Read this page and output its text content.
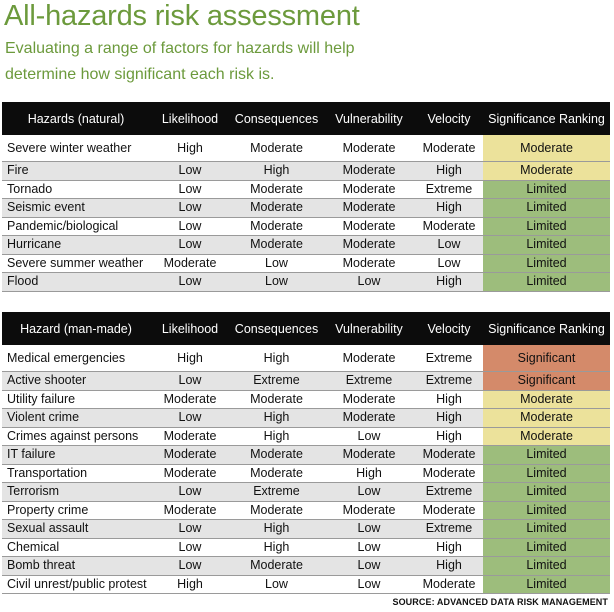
All-hazards risk assessment
Evaluating a range of factors for hazards will help
determine how significant each risk is.
Hazards (natural)	Likelihood	Consequences	Vulnerability	Velocity	Significance Ranking
Severe winter weather	High	Moderate	Moderate	Moderate	Moderate
Fire	Low	High	Moderate	High	Moderate
Tornado	Low	Moderate	Moderate	Extreme	Limited
Seismic event	Low	Moderate	Moderate	High	Limited
Pandemic/biological	Low	Moderate	Moderate	Moderate	Limited
Hurricane	Low	Moderate	Moderate	Low	Limited
Severe summer weather	Moderate	Low	Moderate	Low	Limited
Flood	Low	Low	Low	High	Limited
Hazard (man-made)	Likelihood	Consequences	Vulnerability	Velocity	Significance Ranking
Medical emergencies	High	High	Moderate	Extreme	Significant
Active shooter	Low	Extreme	Extreme	Extreme	Significant
Utility failure	Moderate	Moderate	Moderate	High	Moderate
Violent crime	Low	High	Moderate	High	Moderate
Crimes against persons	Moderate	High	Low	High	Moderate
IT failure	Moderate	Moderate	Moderate	Moderate	Limited
Transportation	Moderate	Moderate	High	Moderate	Limited
Terrorism	Low	Extreme	Low	Extreme	Limited
Property crime	Moderate	Moderate	Moderate	Moderate	Limited
Sexual assault	Low	High	Low	Extreme	Limited
Chemical	Low	High	Low	High	Limited
Bomb threat	Low	Moderate	Low	High	Limited
Civil unrest/public protest	High	Low	Low	Moderate	Limited
SOURCE: ADVANCED DATA RISK MANAGEMENT
